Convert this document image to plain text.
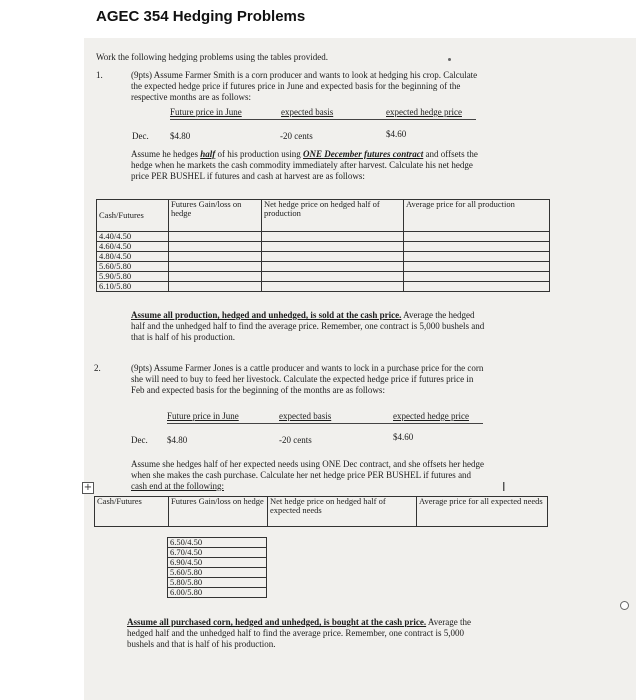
AGEC 354 Hedging Problems
Work the following hedging problems using the tables provided.
1.	(9pts) Assume Farmer Smith is a corn producer and wants to look at hedging his crop. Calculate
the expected hedge price if futures price in June and expected basis for the beginning of the
respective months are as follows:
Future price in June	expected basis	expected hedge price
Dec. $4.80	-20 cents	$4.60
Assume he hedges half of his production using ONE December futures contract and offsets the
hedge when he markets the cash commodity immediately after harvest. Calculate his net hedge
price PER BUSHEL if futures and cash at harvest are as follows:
Cash/Futures	Futures Gain/loss on hedge	Net hedge price on hedged half of production	Average price for all production
4.40/4.50			
4.60/4.50			
4.80/4.50			
5.60/5.80			
5.90/5.80			
6.10/5.80			
Assume all production, hedged and unhedged, is sold at the cash price. Average the hedged
half and the unhedged half to find the average price. Remember, one contract is 5,000 bushels and
that is half of his production.
2.	(9pts) Assume Farmer Jones is a cattle producer and wants to lock in a purchase price for the corn
she will need to buy to feed her livestock. Calculate the expected hedge price if futures price in
Feb and expected basis for the beginning of the months are as follows:
Future price in June	expected basis	expected hedge price
Dec. $4.80	-20 cents	$4.60
Assume she hedges half of her expected needs using ONE Dec contract, and she offsets her hedge
when she makes the cash purchase. Calculate her net hedge price PER BUSHEL if futures and
cash end at the following:
+	I
Cash/Futures	Futures Gain/loss on hedge	Net hedge price on hedged half of expected needs	Average price for all expected needs

	6.50/4.50	
	6.70/4.50	
	6.90/4.50	
	5.60/5.80	
	5.80/5.80	
	6.00/5.80	
Assume all purchased corn, hedged and unhedged, is bought at the cash price. Average the
hedged half and the unhedged half to find the average price. Remember, one contract is 5,000
bushels and that is half of his production.
